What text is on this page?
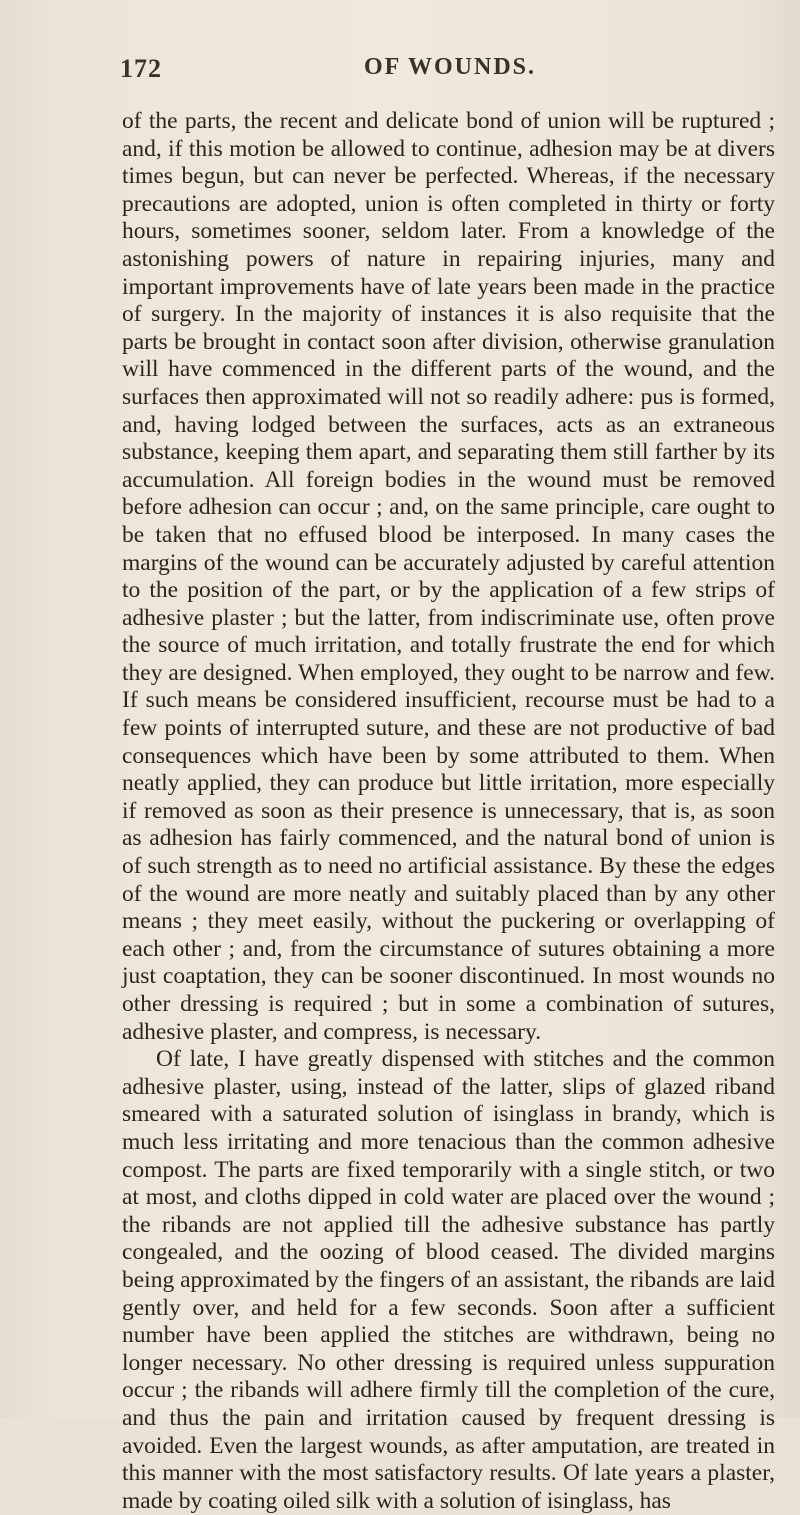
172	OF WOUNDS.

of the parts, the recent and delicate bond of union will be ruptured ; and, if this motion be allowed to continue, adhesion may be at divers times begun, but can never be perfected. Whereas, if the necessary precautions are adopted, union is often completed in thirty or forty hours, sometimes sooner, seldom later. From a knowledge of the astonishing powers of nature in repairing injuries, many and important improvements have of late years been made in the practice of surgery. In the majority of instances it is also requisite that the parts be brought in contact soon after division, otherwise granulation will have commenced in the different parts of the wound, and the surfaces then approximated will not so readily adhere: pus is formed, and, having lodged between the surfaces, acts as an extraneous substance, keeping them apart, and separating them still farther by its accumulation. All foreign bodies in the wound must be removed before adhesion can occur ; and, on the same principle, care ought to be taken that no effused blood be interposed. In many cases the margins of the wound can be accurately adjusted by careful attention to the position of the part, or by the application of a few strips of adhesive plaster ; but the latter, from indiscriminate use, often prove the source of much irritation, and totally frustrate the end for which they are designed. When employed, they ought to be narrow and few. If such means be considered insufficient, recourse must be had to a few points of interrupted suture, and these are not productive of bad consequences which have been by some attributed to them. When neatly applied, they can produce but little irritation, more especially if removed as soon as their presence is unnecessary, that is, as soon as adhesion has fairly commenced, and the natural bond of union is of such strength as to need no artificial assistance. By these the edges of the wound are more neatly and suitably placed than by any other means ; they meet easily, without the puckering or overlapping of each other ; and, from the circumstance of sutures obtaining a more just coaptation, they can be sooner discontinued. In most wounds no other dressing is required ; but in some a combination of sutures, adhesive plaster, and compress, is necessary.

Of late, I have greatly dispensed with stitches and the common adhesive plaster, using, instead of the latter, slips of glazed riband smeared with a saturated solution of isinglass in brandy, which is much less irritating and more tenacious than the common adhesive compost. The parts are fixed temporarily with a single stitch, or two at most, and cloths dipped in cold water are placed over the wound ; the ribands are not applied till the adhesive substance has partly congealed, and the oozing of blood ceased. The divided margins being approximated by the fingers of an assistant, the ribands are laid gently over, and held for a few seconds. Soon after a sufficient number have been applied the stitches are withdrawn, being no longer necessary. No other dressing is required unless suppuration occur ; the ribands will adhere firmly till the completion of the cure, and thus the pain and irritation caused by frequent dressing is avoided. Even the largest wounds, as after amputation, are treated in this manner with the most satisfactory results. Of late years a plaster, made by coating oiled silk with a solution of isinglass, has
